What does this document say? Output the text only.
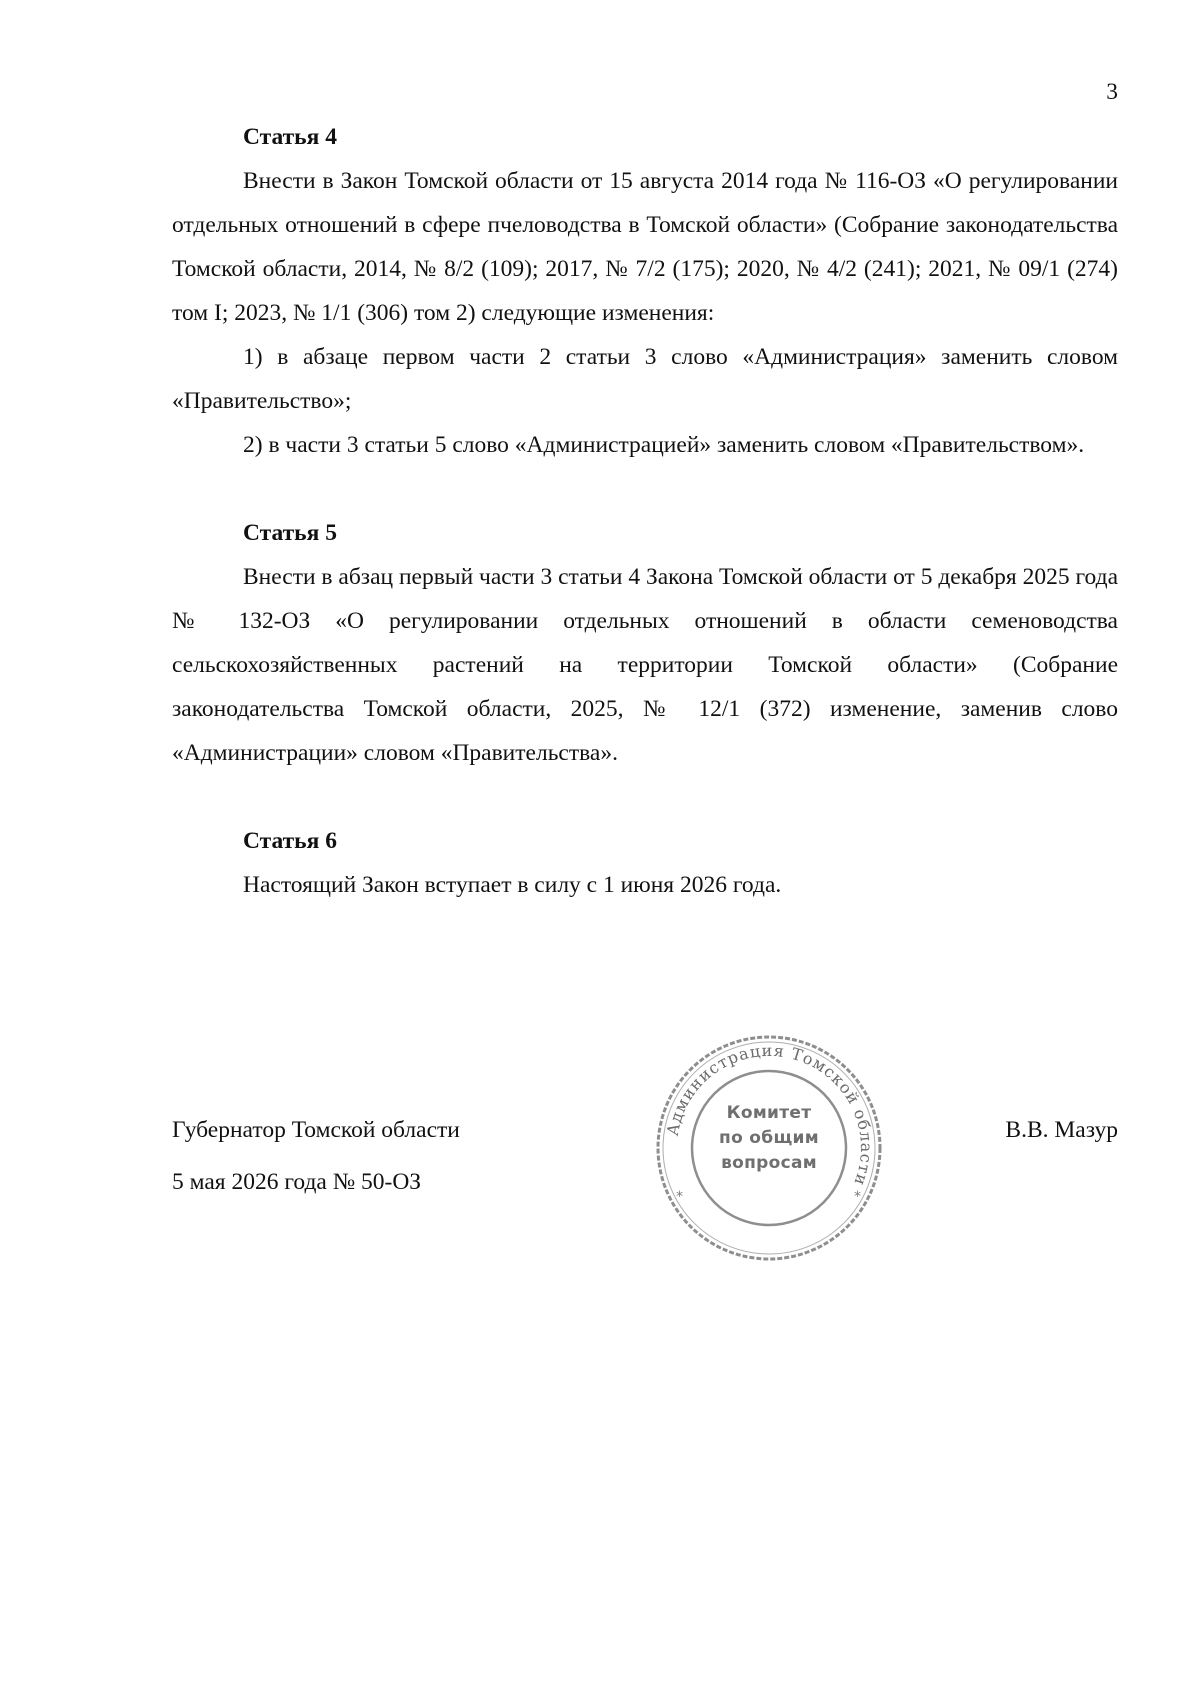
3
Статья 4

Внести в Закон Томской области от 15 августа 2014 года № 116-ОЗ «О регулировании отдельных отношений в сфере пчеловодства в Томской области» (Собрание законодательства Томской области, 2014, № 8/2 (109); 2017, № 7/2 (175); 2020, № 4/2 (241); 2021, № 09/1 (274) том I; 2023, № 1/1 (306) том 2) следующие изменения:

1) в абзаце первом части 2 статьи 3 слово «Администрация» заменить словом «Правительство»;

2) в части 3 статьи 5 слово «Администрацией» заменить словом «Правительством».

Статья 5

Внести в абзац первый части 3 статьи 4 Закона Томской области от 5 декабря 2025 года № 132-ОЗ «О регулировании отдельных отношений в области семеноводства сельскохозяйственных растений на территории Томской области» (Собрание законодательства Томской области, 2025, № 12/1 (372) изменение, заменив слово «Администрации» словом «Правительства».

Статья 6

Настоящий Закон вступает в силу с 1 июня 2026 года.

Губернатор Томской области
5 мая 2026 года № 50-ОЗ
В.В. Мазур
Администрация Томской области
*	*
Комитет
по общим
вопросам
